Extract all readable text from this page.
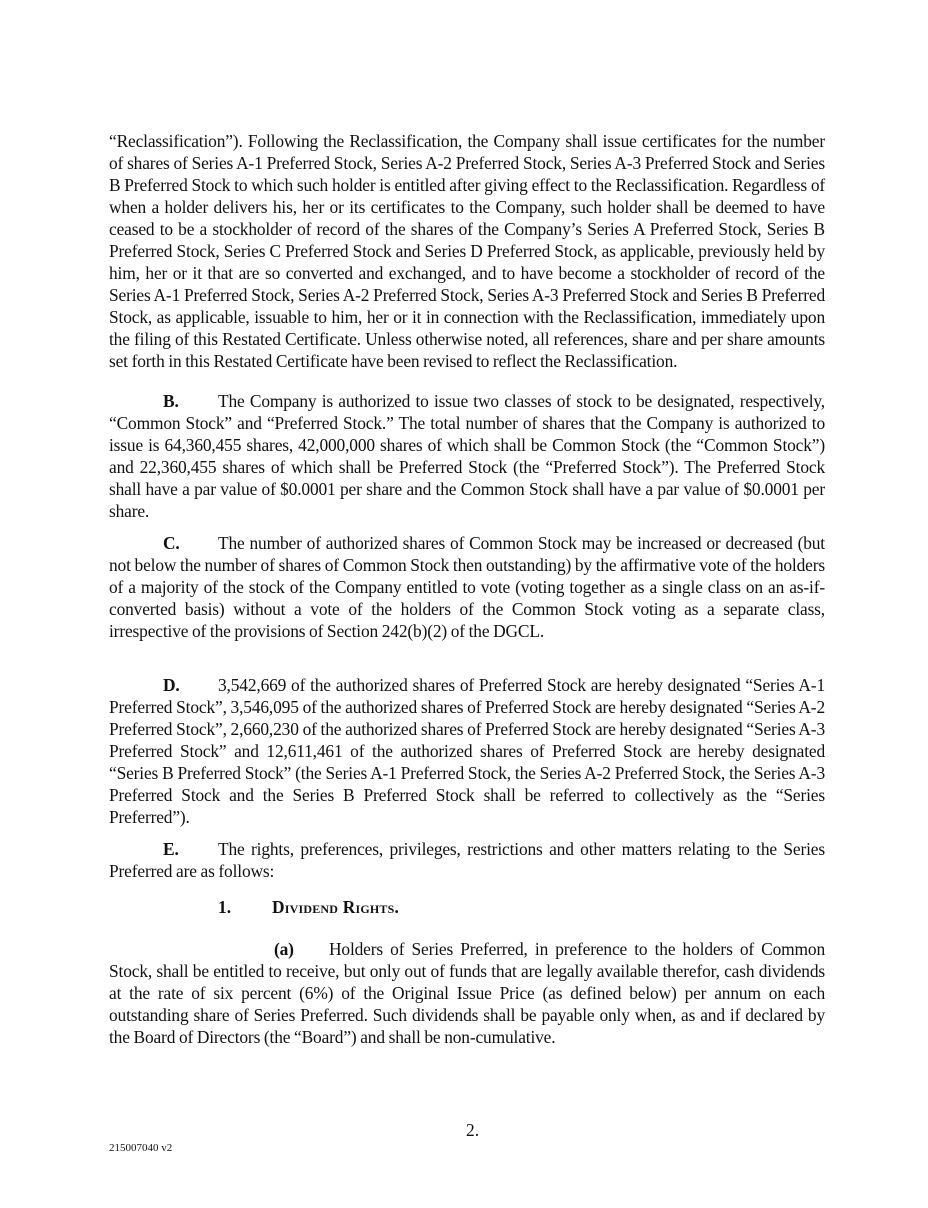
“Reclassification”). Following the Reclassification, the Company shall issue certificates for the number of shares of Series A-1 Preferred Stock, Series A-2 Preferred Stock, Series A-3 Preferred Stock and Series B Preferred Stock to which such holder is entitled after giving effect to the Reclassification. Regardless of when a holder delivers his, her or its certificates to the Company, such holder shall be deemed to have ceased to be a stockholder of record of the shares of the Company’s Series A Preferred Stock, Series B Preferred Stock, Series C Preferred Stock and Series D Preferred Stock, as applicable, previously held by him, her or it that are so converted and exchanged, and to have become a stockholder of record of the Series A-1 Preferred Stock, Series A-2 Preferred Stock, Series A-3 Preferred Stock and Series B Preferred Stock, as applicable, issuable to him, her or it in connection with the Reclassification, immediately upon the filing of this Restated Certificate. Unless otherwise noted, all references, share and per share amounts set forth in this Restated Certificate have been revised to reflect the Reclassification.

B. The Company is authorized to issue two classes of stock to be designated, respectively, “Common Stock” and “Preferred Stock.” The total number of shares that the Company is authorized to issue is 64,360,455 shares, 42,000,000 shares of which shall be Common Stock (the “Common Stock”) and 22,360,455 shares of which shall be Preferred Stock (the “Preferred Stock”). The Preferred Stock shall have a par value of $0.0001 per share and the Common Stock shall have a par value of $0.0001 per share.

C. The number of authorized shares of Common Stock may be increased or decreased (but not below the number of shares of Common Stock then outstanding) by the affirmative vote of the holders of a majority of the stock of the Company entitled to vote (voting together as a single class on an as-if-converted basis) without a vote of the holders of the Common Stock voting as a separate class, irrespective of the provisions of Section 242(b)(2) of the DGCL.

D. 3,542,669 of the authorized shares of Preferred Stock are hereby designated “Series A-1 Preferred Stock”, 3,546,095 of the authorized shares of Preferred Stock are hereby designated “Series A-2 Preferred Stock”, 2,660,230 of the authorized shares of Preferred Stock are hereby designated “Series A-3 Preferred Stock” and 12,611,461 of the authorized shares of Preferred Stock are hereby designated “Series B Preferred Stock” (the Series A-1 Preferred Stock, the Series A-2 Preferred Stock, the Series A-3 Preferred Stock and the Series B Preferred Stock shall be referred to collectively as the “Series Preferred”).

E. The rights, preferences, privileges, restrictions and other matters relating to the Series Preferred are as follows:

1. Dividend Rights.

(a) Holders of Series Preferred, in preference to the holders of Common Stock, shall be entitled to receive, but only out of funds that are legally available therefor, cash dividends at the rate of six percent (6%) of the Original Issue Price (as defined below) per annum on each outstanding share of Series Preferred. Such dividends shall be payable only when, as and if declared by the Board of Directors (the “Board”) and shall be non-cumulative.

2.
215007040 v2
